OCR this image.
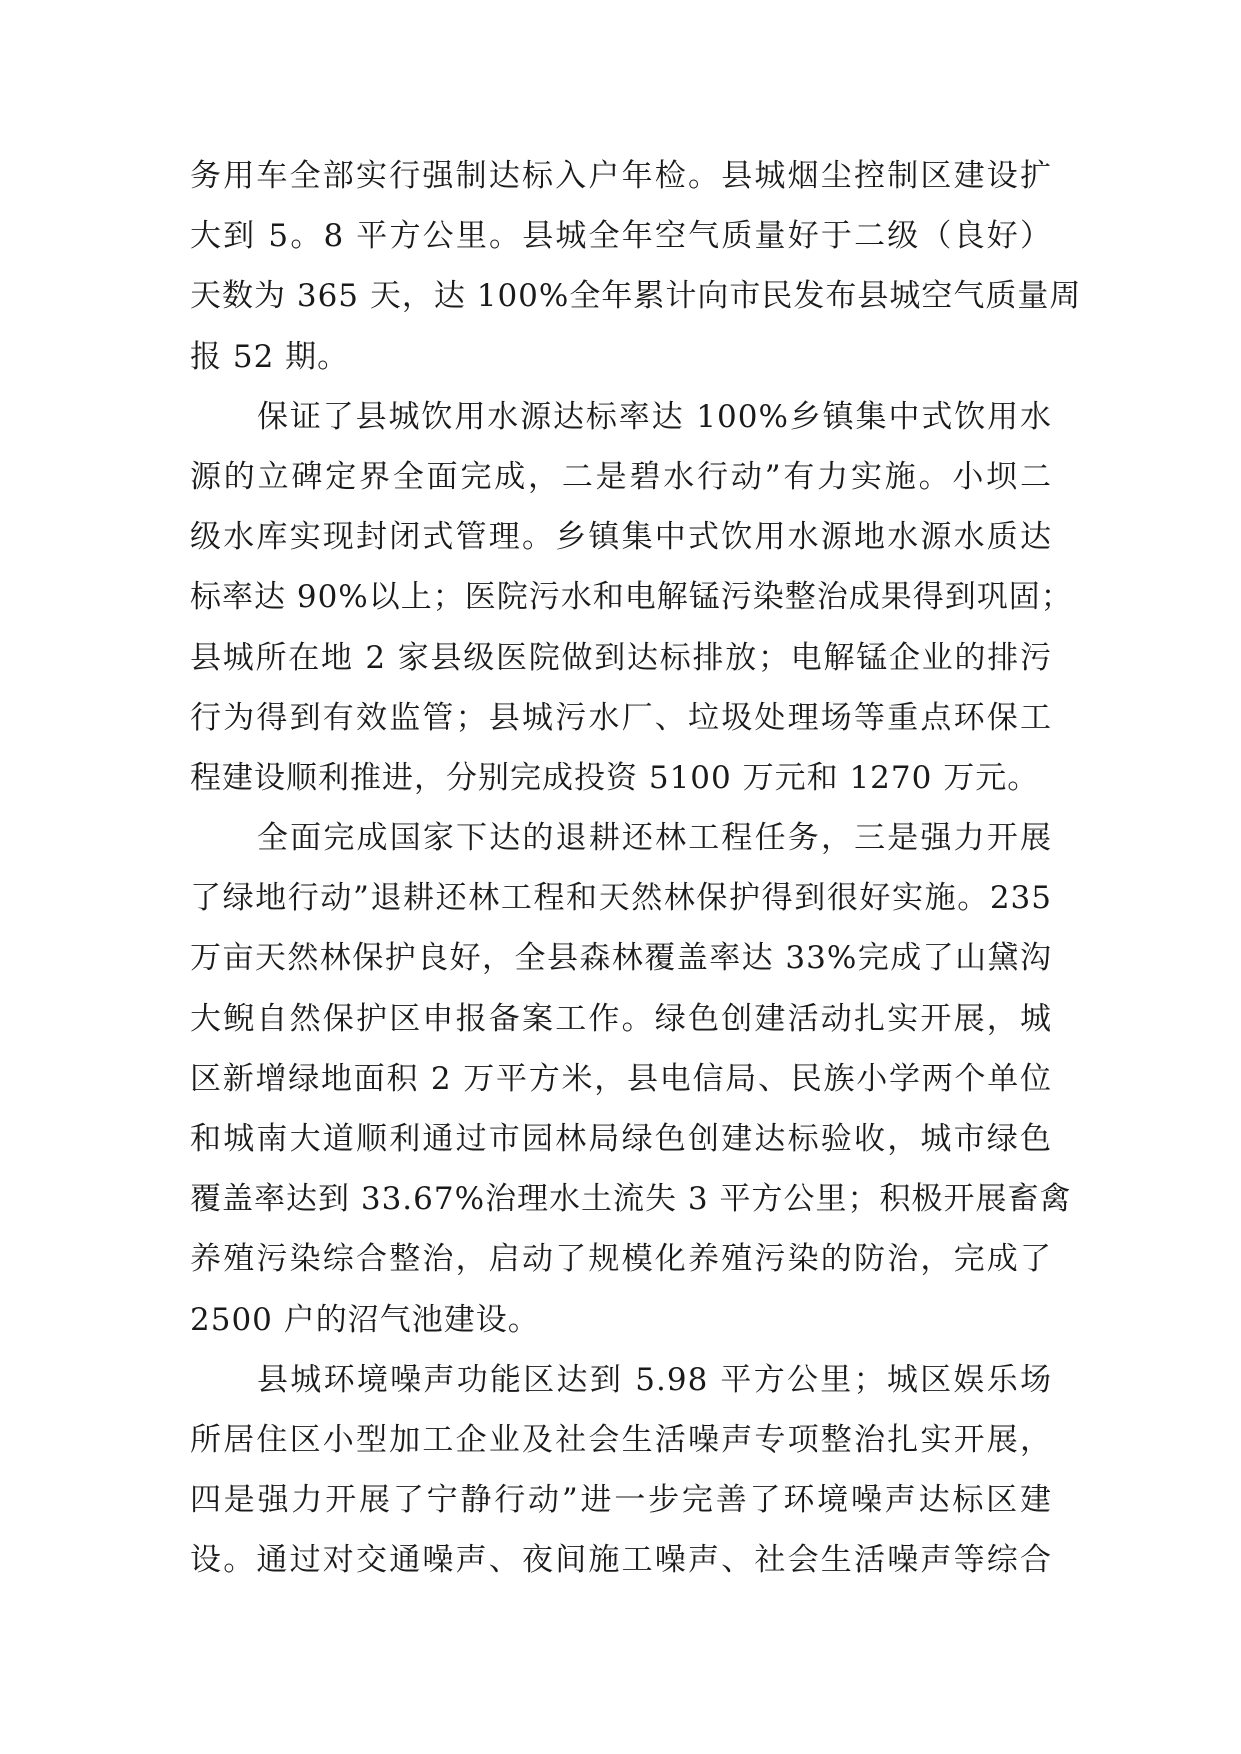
务用车全部实行强制达标入户年检。县城烟尘控制区建设扩
大到 5。8 平方公里。县城全年空气质量好于二级（良好）
天数为 365 天，达 100%全年累计向市民发布县城空气质量周
报 52 期。
保证了县城饮用水源达标率达 100%乡镇集中式饮用水
源的立碑定界全面完成，二是碧水行动”有力实施。小坝二
级水库实现封闭式管理。乡镇集中式饮用水源地水源水质达
标率达 90%以上；医院污水和电解锰污染整治成果得到巩固；
县城所在地 2 家县级医院做到达标排放；电解锰企业的排污
行为得到有效监管；县城污水厂、垃圾处理场等重点环保工
程建设顺利推进，分别完成投资 5100 万元和 1270 万元。
全面完成国家下达的退耕还林工程任务，三是强力开展
了绿地行动”退耕还林工程和天然林保护得到很好实施。235
万亩天然林保护良好，全县森林覆盖率达 33%完成了山黛沟
大鲵自然保护区申报备案工作。绿色创建活动扎实开展，城
区新增绿地面积 2 万平方米，县电信局、民族小学两个单位
和城南大道顺利通过市园林局绿色创建达标验收，城市绿色
覆盖率达到 33.67%治理水土流失 3 平方公里；积极开展畜禽
养殖污染综合整治，启动了规模化养殖污染的防治，完成了
2500 户的沼气池建设。
县城环境噪声功能区达到 5.98 平方公里；城区娱乐场
所居住区小型加工企业及社会生活噪声专项整治扎实开展，
四是强力开展了宁静行动”进一步完善了环境噪声达标区建
设。通过对交通噪声、夜间施工噪声、社会生活噪声等综合
